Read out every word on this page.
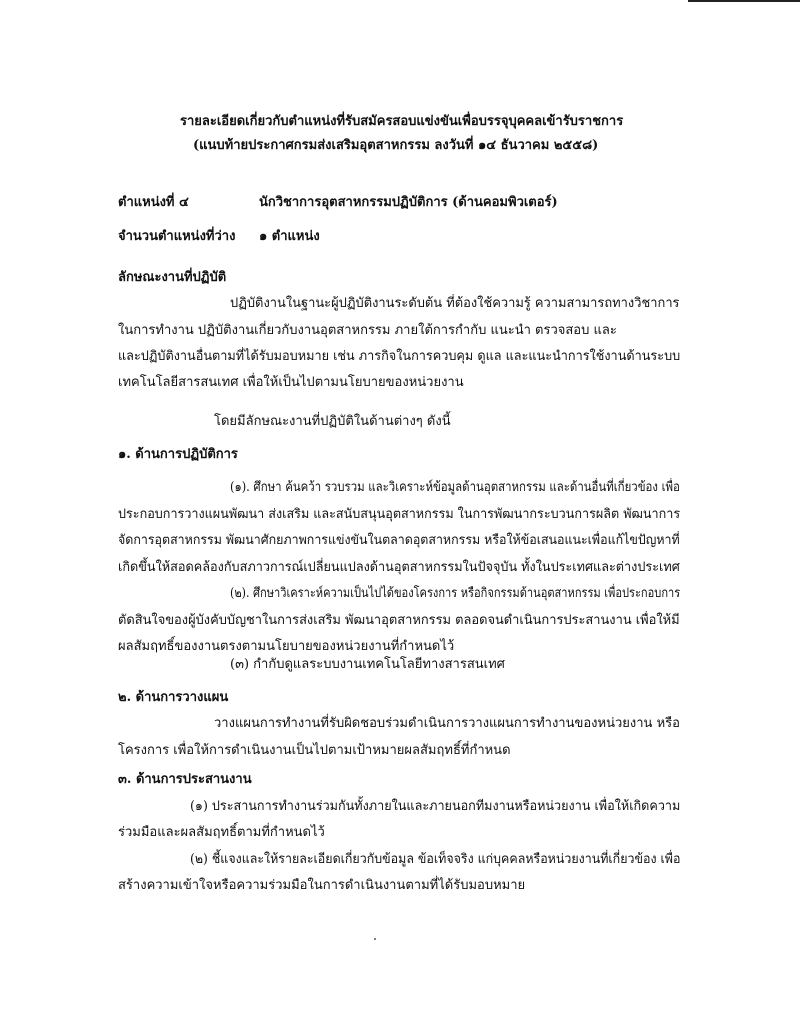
รายละเอียดเกี่ยวกับตำแหน่งที่รับสมัครสอบแข่งขันเพื่อบรรจุบุคคลเข้ารับราชการ
(แนบท้ายประกาศกรมส่งเสริมอุตสาหกรรม ลงวันที่ ๑๔ ธันวาคม ๒๕๕๘)
ตำแหน่งที่ ๔	นักวิชาการอุตสาหกรรมปฏิบัติการ (ด้านคอมพิวเตอร์)
จำนวนตำแหน่งที่ว่าง ๑ ตำแหน่ง
ลักษณะงานที่ปฏิบัติ
ปฏิบัติงานในฐานะผู้ปฏิบัติงานระดับต้น ที่ต้องใช้ความรู้ ความสามารถทางวิชาการ
ในการทำงาน ปฏิบัติงานเกี่ยวกับงานอุตสาหกรรม ภายใต้การกำกับ แนะนำ ตรวจสอบ และ
และปฏิบัติงานอื่นตามที่ได้รับมอบหมาย เช่น ภารกิจในการควบคุม ดูแล และแนะนำการใช้งานด้านระบบ
เทคโนโลยีสารสนเทศ เพื่อให้เป็นไปตามนโยบายของหน่วยงาน
โดยมีลักษณะงานที่ปฏิบัติในด้านต่างๆ ดังนี้
๑. ด้านการปฏิบัติการ
(๑). ศึกษา ค้นคว้า รวบรวม และวิเคราะห์ข้อมูลด้านอุตสาหกรรม และด้านอื่นที่เกี่ยวข้อง เพื่อ
ประกอบการวางแผนพัฒนา ส่งเสริม และสนับสนุนอุตสาหกรรม ในการพัฒนากระบวนการผลิต พัฒนาการ
จัดการอุตสาหกรรม พัฒนาศักยภาพการแข่งขันในตลาดอุตสาหกรรม หรือให้ข้อเสนอแนะเพื่อแก้ไขปัญหาที่
เกิดขึ้นให้สอดคล้องกับสภาวการณ์เปลี่ยนแปลงด้านอุตสาหกรรมในปัจจุบัน ทั้งในประเทศและต่างประเทศ
(๒). ศึกษาวิเคราะห์ความเป็นไปได้ของโครงการ หรือกิจกรรมด้านอุตสาหกรรม เพื่อประกอบการ
ตัดสินใจของผู้บังคับบัญชาในการส่งเสริม พัฒนาอุตสาหกรรม ตลอดจนดำเนินการประสานงาน เพื่อให้มี
ผลสัมฤทธิ์ของงานตรงตามนโยบายของหน่วยงานที่กำหนดไว้
(๓) กำกับดูแลระบบงานเทคโนโลยีทางสารสนเทศ
๒. ด้านการวางแผน
วางแผนการทำงานที่รับผิดชอบร่วมดำเนินการวางแผนการทำงานของหน่วยงาน หรือ
โครงการ เพื่อให้การดำเนินงานเป็นไปตามเป้าหมายผลสัมฤทธิ์ที่กำหนด
๓. ด้านการประสานงาน
(๑) ประสานการทำงานร่วมกันทั้งภายในและภายนอกทีมงานหรือหน่วยงาน เพื่อให้เกิดความ
ร่วมมือและผลสัมฤทธิ์ตามที่กำหนดไว้
(๒) ชี้แจงและให้รายละเอียดเกี่ยวกับข้อมูล ข้อเท็จจริง แก่บุคคลหรือหน่วยงานที่เกี่ยวข้อง เพื่อ
สร้างความเข้าใจหรือความร่วมมือในการดำเนินงานตามที่ได้รับมอบหมาย
